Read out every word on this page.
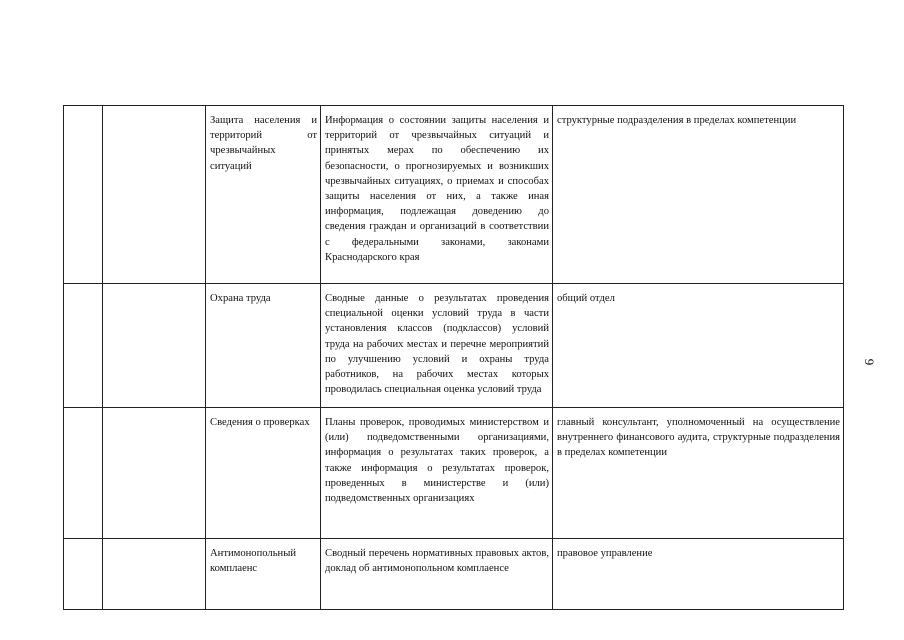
		Защита населения и территорий от чрезвычайных ситуаций	Информация о состоянии защиты населения и территорий от чрезвычайных ситуаций и принятых мерах по обеспечению их безопасности, о прогнозируемых и возникших чрезвычайных ситуациях, о приемах и способах защиты населения от них, а также иная информация, подлежащая доведению до сведения граждан и организаций в соответствии с федеральными законами, законами Краснодарского края	структурные подразделения в пределах компетенции
		Охрана труда	Сводные данные о результатах проведения специальной оценки условий труда в части установления классов (подклассов) условий труда на рабочих местах и перечне мероприятий по улучшению условий и охраны труда работников, на рабочих местах которых проводилась специальная оценка условий труда	общий отдел
		Сведения о проверках	Планы проверок, проводимых министерством и (или) подведомственными организациями, информация о результатах таких проверок, а также информация о результатах проверок, проведенных в министерстве и (или) подведомственных организациях	главный консультант, уполномоченный на осуществление внутреннего финансового аудита, структурные подразделения в пределах компетенции
		Антимонопольный комплаенс	Сводный перечень нормативных правовых актов, доклад об антимонопольном комплаенсе	правовое управление
9
